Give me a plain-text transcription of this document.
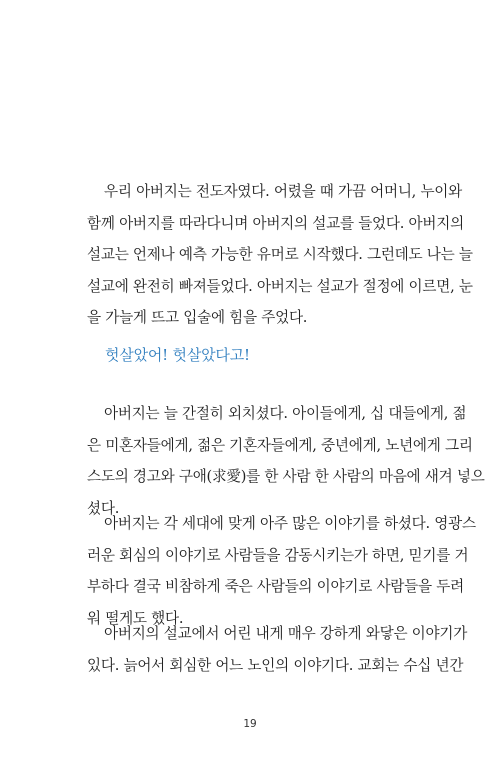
우리 아버지는 전도자였다. 어렸을 때 가끔 어머니, 누이와
함께 아버지를 따라다니며 아버지의 설교를 들었다. 아버지의
설교는 언제나 예측 가능한 유머로 시작했다. 그런데도 나는 늘
설교에 완전히 빠져들었다. 아버지는 설교가 절정에 이르면, 눈
을 가늘게 뜨고 입술에 힘을 주었다.
헛살았어! 헛살았다고!
아버지는 늘 간절히 외치셨다. 아이들에게, 십 대들에게, 젊
은 미혼자들에게, 젊은 기혼자들에게, 중년에게, 노년에게 그리
스도의 경고와 구애(求愛)를 한 사람 한 사람의 마음에 새겨 넣으
셨다.
아버지는 각 세대에 맞게 아주 많은 이야기를 하셨다. 영광스
러운 회심의 이야기로 사람들을 감동시키는가 하면, 믿기를 거
부하다 결국 비참하게 죽은 사람들의 이야기로 사람들을 두려
워 떨게도 했다.
아버지의 설교에서 어린 내게 매우 강하게 와닿은 이야기가
있다. 늙어서 회심한 어느 노인의 이야기다. 교회는 수십 년간
19
